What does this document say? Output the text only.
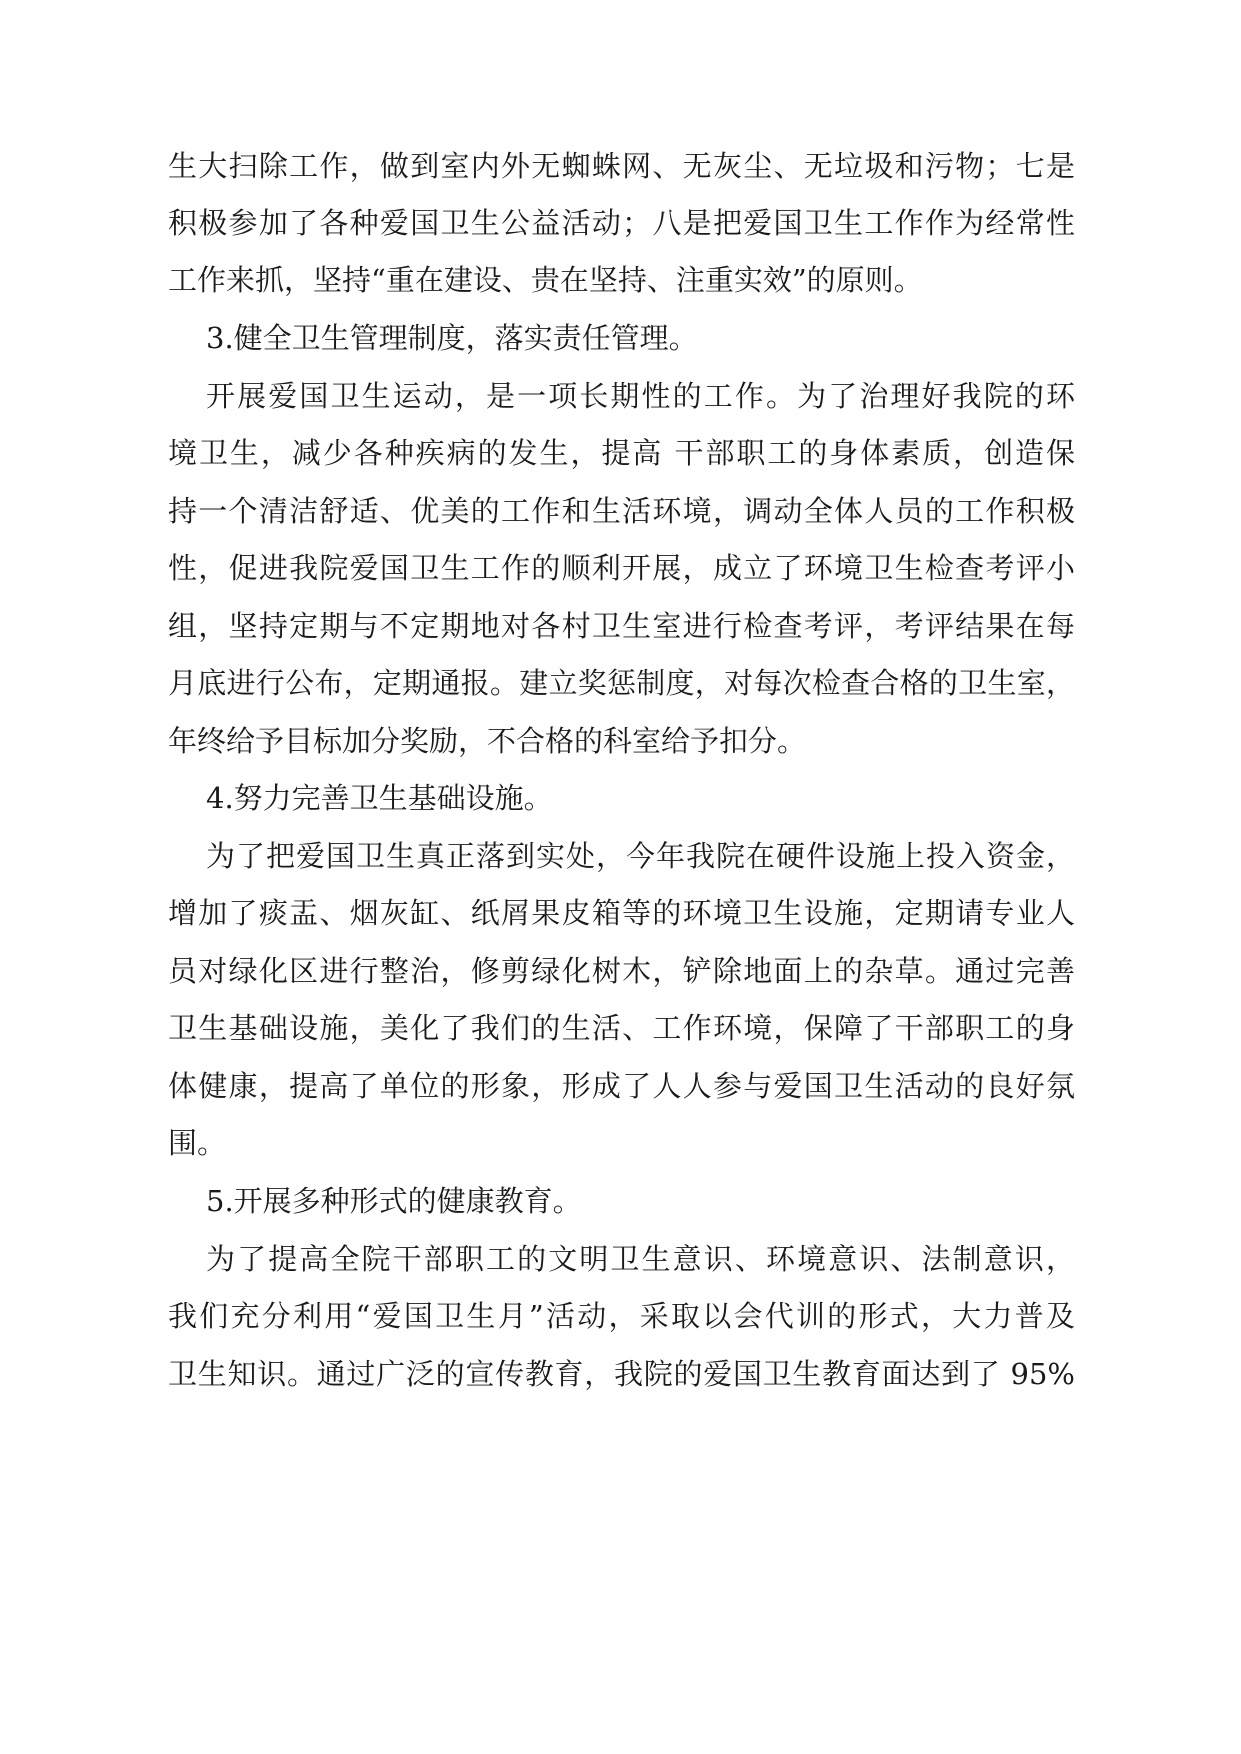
生大扫除工作，做到室内外无蜘蛛网、无灰尘、无垃圾和污物；七是

积极参加了各种爱国卫生公益活动；八是把爱国卫生工作作为经常性

工作来抓，坚持“重在建设、贵在坚持、注重实效”的原则。

3.健全卫生管理制度，落实责任管理。

开展爱国卫生运动，是一项长期性的工作。为了治理好我院的环

境卫生，减少各种疾病的发生，提高 干部职工的身体素质，创造保

持一个清洁舒适、优美的工作和生活环境，调动全体人员的工作积极

性，促进我院爱国卫生工作的顺利开展，成立了环境卫生检查考评小

组，坚持定期与不定期地对各村卫生室进行检查考评，考评结果在每

月底进行公布，定期通报。建立奖惩制度，对每次检查合格的卫生室，

年终给予目标加分奖励，不合格的科室给予扣分。

4.努力完善卫生基础设施。

为了把爱国卫生真正落到实处，今年我院在硬件设施上投入资金，

增加了痰盂、烟灰缸、纸屑果皮箱等的环境卫生设施，定期请专业人

员对绿化区进行整治，修剪绿化树木，铲除地面上的杂草。通过完善

卫生基础设施，美化了我们的生活、工作环境，保障了干部职工的身

体健康，提高了单位的形象，形成了人人参与爱国卫生活动的良好氛

围。

5.开展多种形式的健康教育。

为了提高全院干部职工的文明卫生意识、环境意识、法制意识，

我们充分利用“爱国卫生月”活动，采取以会代训的形式，大力普及

卫生知识。通过广泛的宣传教育，我院的爱国卫生教育面达到了 95%
